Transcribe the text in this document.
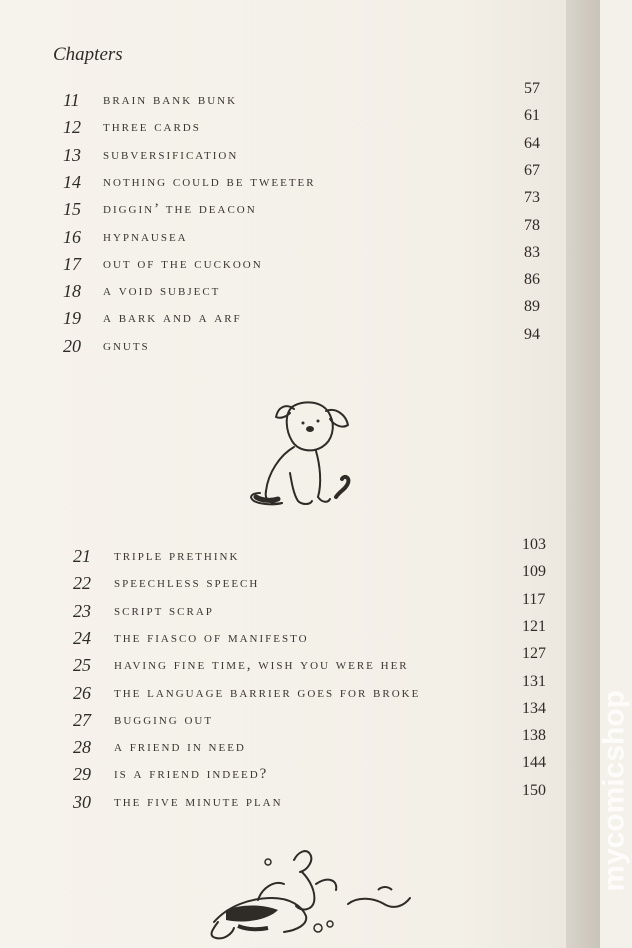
Chapters
11 brain bank bunk
57
12 three cards
61
13 subversification
64
14 nothing could be tweeter
67
15 diggin’ the deacon
73
16 hypnausea
78
17 out of the cuckoon
83
18 a void subject
86
19 a bark and a arf
89
20 gnuts
94
21 triple prethink
103
22 speechless speech
109
23 script scrap
117
24 the fiasco of manifesto
121
25 having fine time, wish you were her
127
26 the language barrier goes for broke
131
27 bugging out
134
28 a friend in need
138
29 is a friend indeed?
144
30 the five minute plan
150 mycomicshop
